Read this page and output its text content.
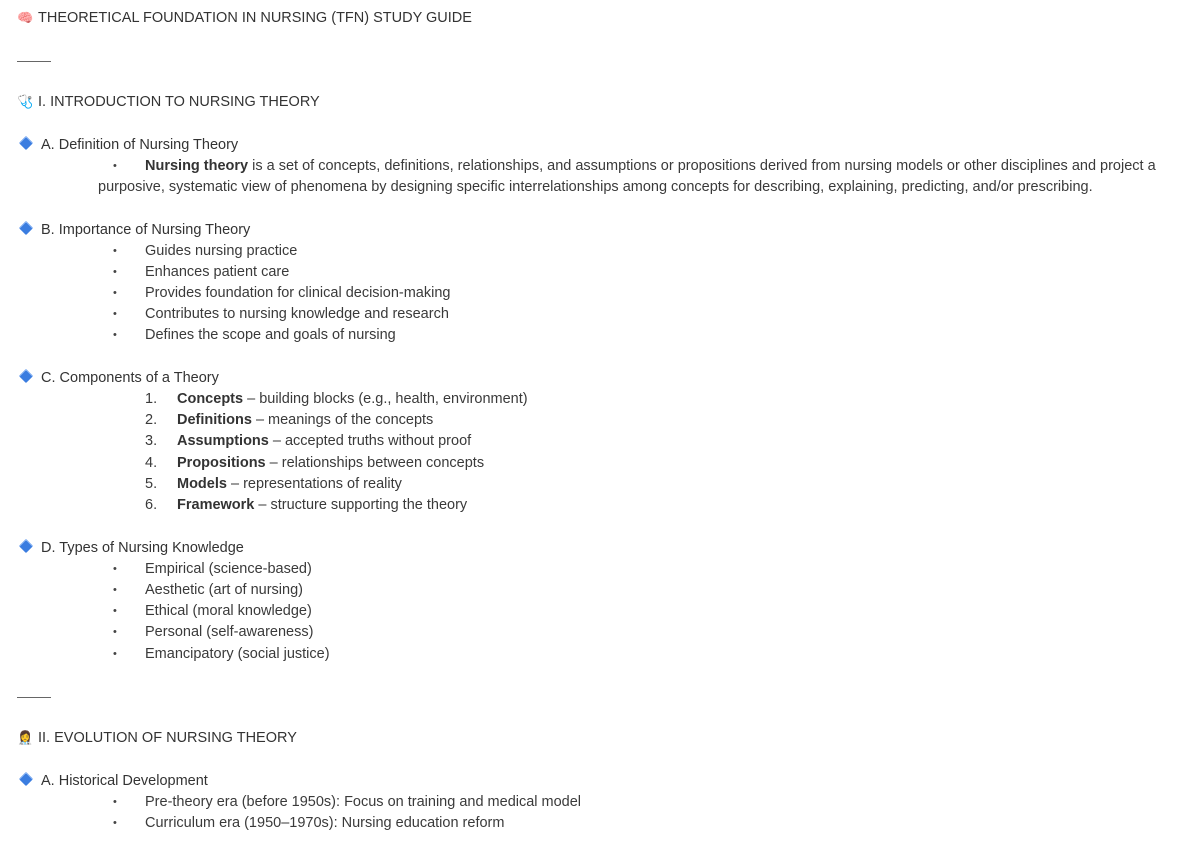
🧠 THEORETICAL FOUNDATION IN NURSING (TFN) STUDY GUIDE
🩺 I. INTRODUCTION TO NURSING THEORY
A. Definition of Nursing Theory
• Nursing theory is a set of concepts, definitions, relationships, and assumptions or propositions derived from nursing models or other disciplines and project a
purposive, systematic view of phenomena by designing specific interrelationships among concepts for describing, explaining, predicting, and/or prescribing.
B. Importance of Nursing Theory
• Guides nursing practice
• Enhances patient care
• Provides foundation for clinical decision-making
• Contributes to nursing knowledge and research
• Defines the scope and goals of nursing
C. Components of a Theory
1. Concepts – building blocks (e.g., health, environment)
2. Definitions – meanings of the concepts
3. Assumptions – accepted truths without proof
4. Propositions – relationships between concepts
5. Models – representations of reality
6. Framework – structure supporting the theory
D. Types of Nursing Knowledge
• Empirical (science-based)
• Aesthetic (art of nursing)
• Ethical (moral knowledge)
• Personal (self-awareness)
• Emancipatory (social justice)
👩‍⚕️ II. EVOLUTION OF NURSING THEORY
A. Historical Development
• Pre-theory era (before 1950s): Focus on training and medical model
• Curriculum era (1950–1970s): Nursing education reform
